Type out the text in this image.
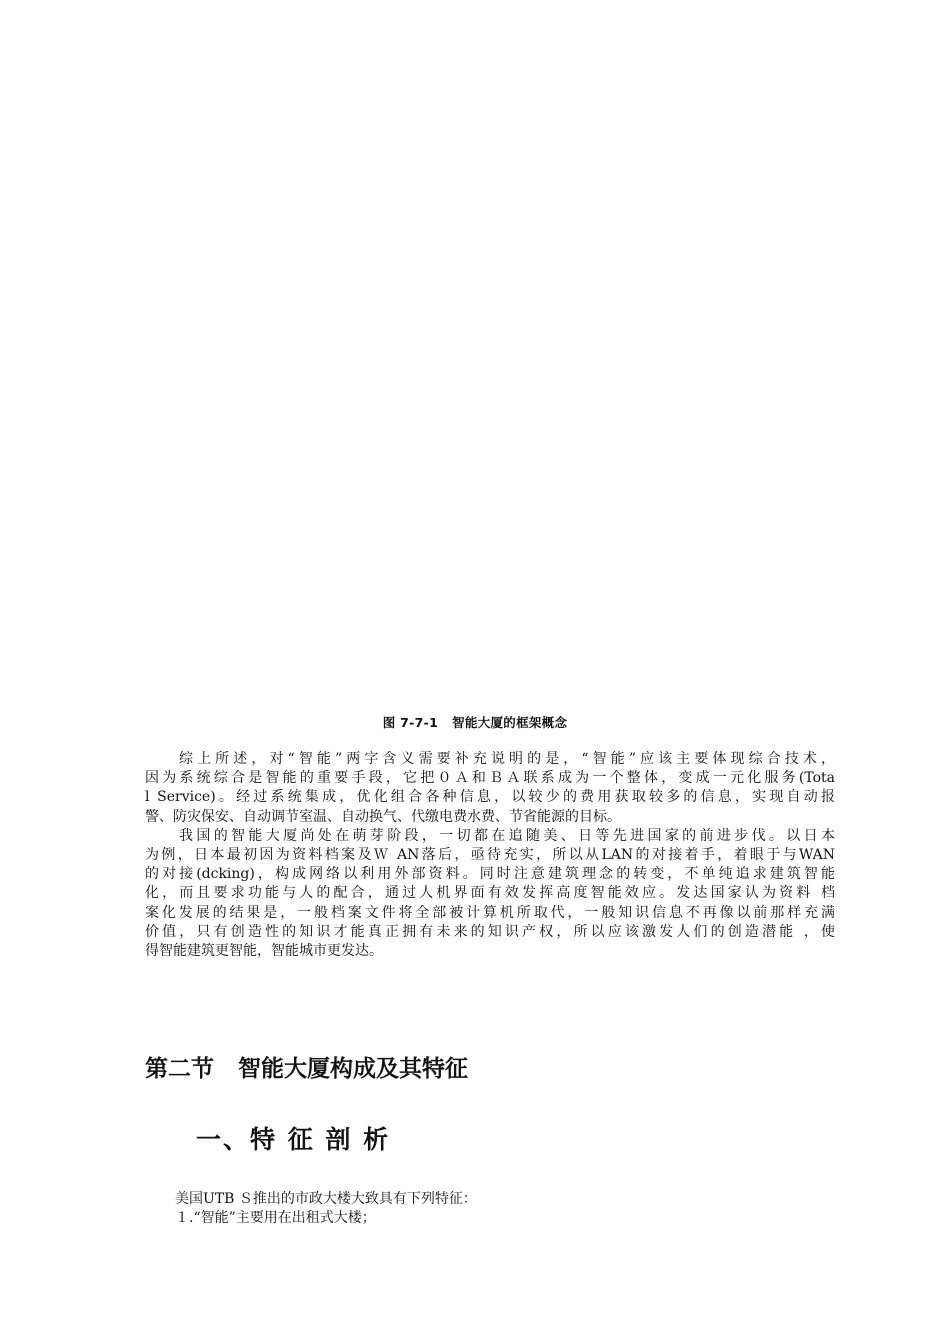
图 7-7-1   智能大厦的框架概念

综上所述，对“智能”两字含义需要补充说明的是，“智能”应该主要体现综合技术，
因为系统综合是智能的重要手段，它把０Ａ和ＢＡ联系成为一个整体，变成一元化服务(Tota
l Service)。经过系统集成，优化组合各种信息，以较少的费用获取较多的信息，实现自动报
警、防灾保安、自动调节室温、自动换气、代缴电费水费、节省能源的目标。

我国的智能大厦尚处在萌芽阶段，一切都在追随美、日等先进国家的前进步伐。以日本
为例，日本最初因为资料档案及Ｗ AN落后，亟待充实，所以从LAN的对接着手，着眼于与WAN
的对接(dcking)，构成网络以利用外部资料。同时注意建筑理念的转变，不单纯追求建筑智能
化，而且要求功能与人的配合，通过人机界面有效发挥高度智能效应。发达国家认为资料 档
案化发展的结果是，一般档案文件将全部被计算机所取代，一般知识信息不再像以前那样充满
价值，只有创造性的知识才能真正拥有未来的知识产权，所以应该激发人们的创造潜能 ，使
得智能建筑更智能，智能城市更发达。

第二节   智能大厦构成及其特征
一、特 征 剖 析
美国UTB Ｓ推出的市政大楼大致具有下列特征：
１.“智能”主要用在出租式大楼；
